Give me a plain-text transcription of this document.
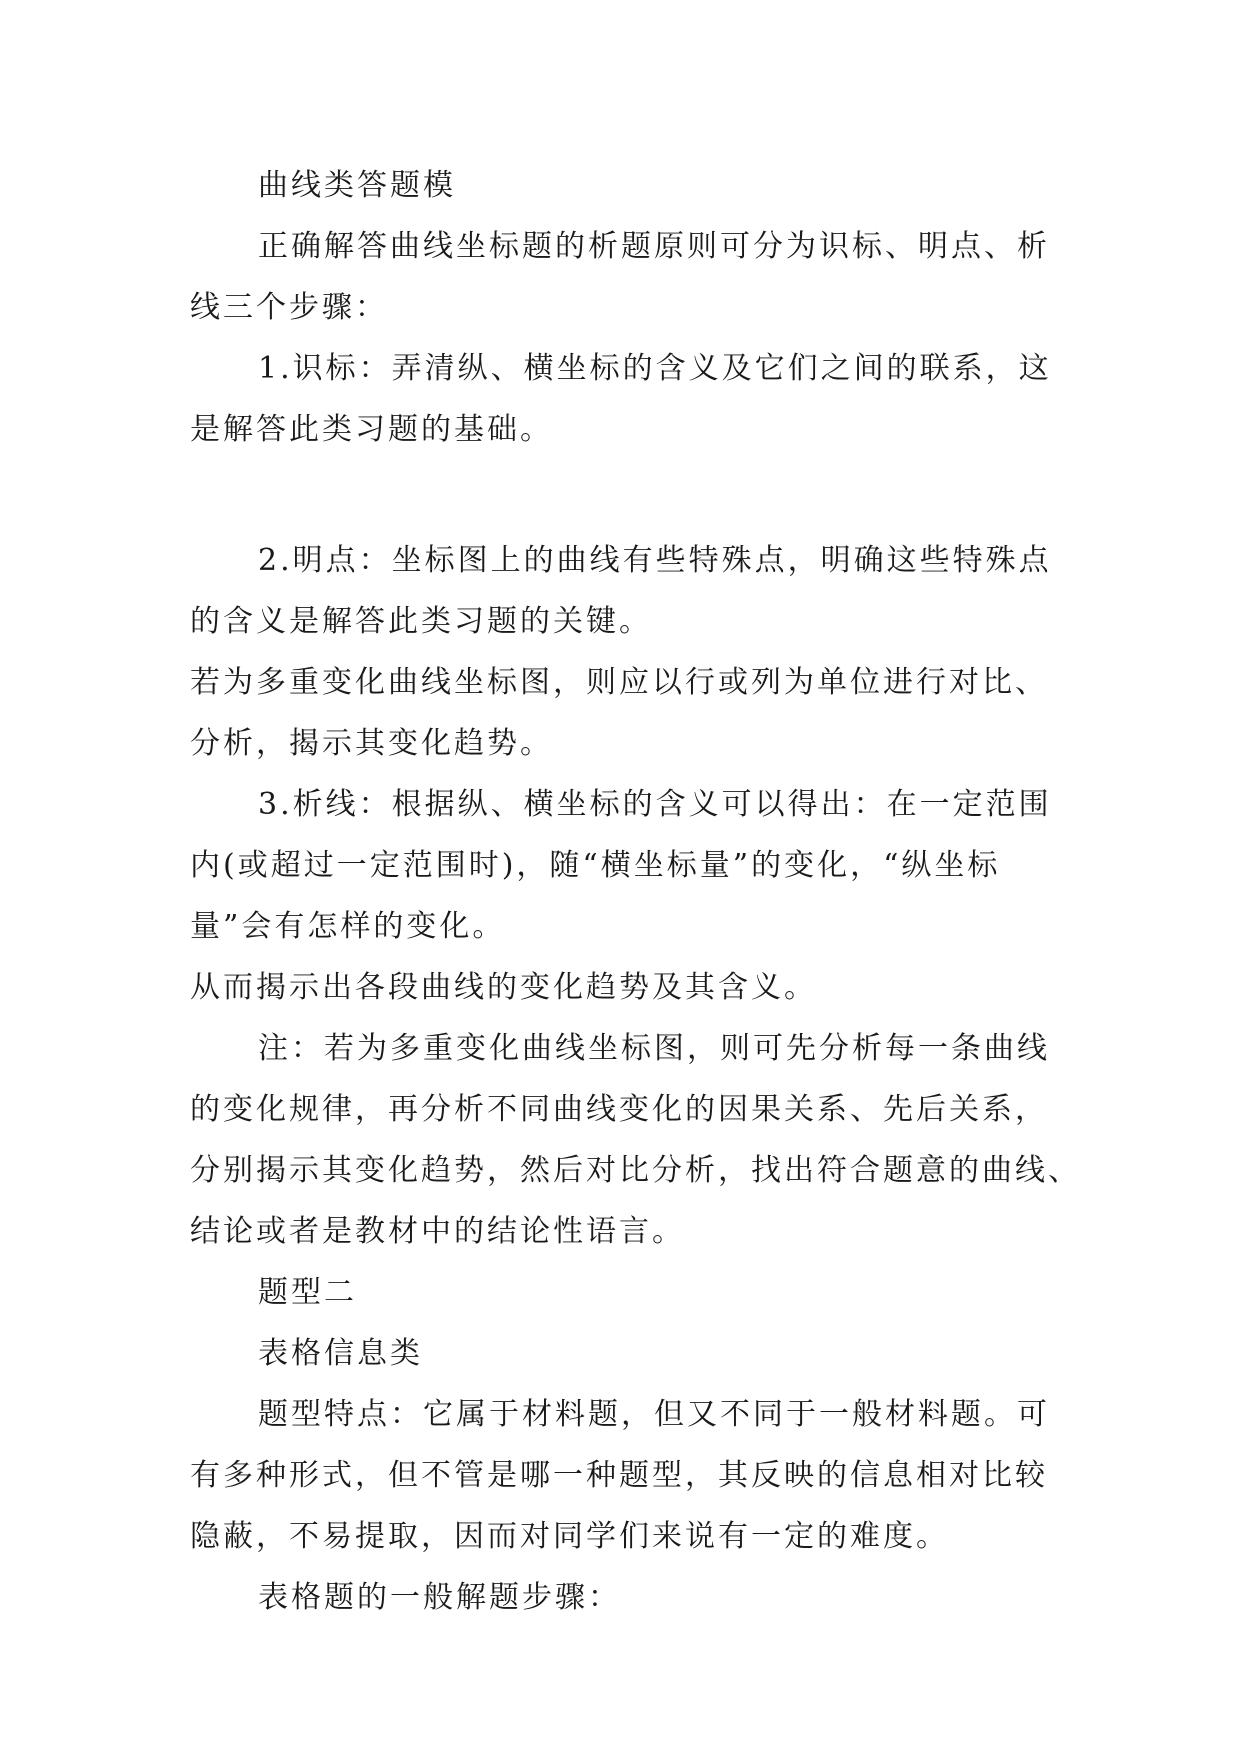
曲线类答题模
正确解答曲线坐标题的析题原则可分为识标、明点、析
线三个步骤：
1.识标：弄清纵、横坐标的含义及它们之间的联系，这
是解答此类习题的基础。
2.明点：坐标图上的曲线有些特殊点，明确这些特殊点
的含义是解答此类习题的关键。
若为多重变化曲线坐标图，则应以行或列为单位进行对比、
分析，揭示其变化趋势。
3.析线：根据纵、横坐标的含义可以得出：在一定范围
内(或超过一定范围时)，随“横坐标量”的变化，“纵坐标
量”会有怎样的变化。
从而揭示出各段曲线的变化趋势及其含义。
注：若为多重变化曲线坐标图，则可先分析每一条曲线
的变化规律，再分析不同曲线变化的因果关系、先后关系，
分别揭示其变化趋势，然后对比分析，找出符合题意的曲线、
结论或者是教材中的结论性语言。
题型二
表格信息类
题型特点：它属于材料题，但又不同于一般材料题。可
有多种形式，但不管是哪一种题型，其反映的信息相对比较
隐蔽，不易提取，因而对同学们来说有一定的难度。
表格题的一般解题步骤：
